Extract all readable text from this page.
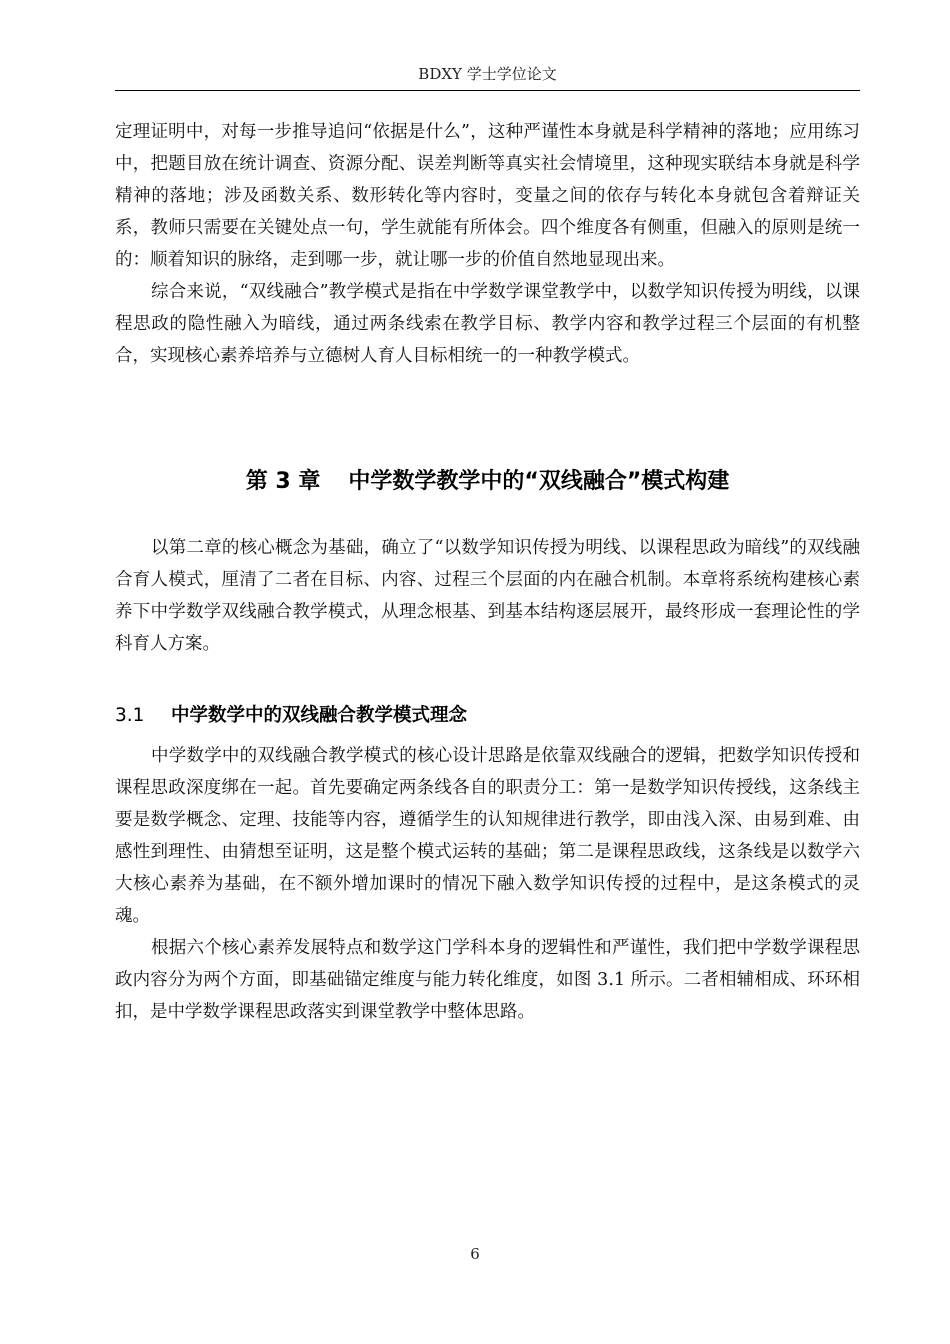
BDXY 学士学位论文

定理证明中，对每一步推导追问“依据是什么”，这种严谨性本身就是科学精神的落地；应用练习中，把题目放在统计调查、资源分配、误差判断等真实社会情境里，这种现实联结本身就是科学精神的落地；涉及函数关系、数形转化等内容时，变量之间的依存与转化本身就包含着辩证关系，教师只需要在关键处点一句，学生就能有所体会。四个维度各有侧重，但融入的原则是统一的：顺着知识的脉络，走到哪一步，就让哪一步的价值自然地显现出来。

综合来说，“双线融合”教学模式是指在中学数学课堂教学中，以数学知识传授为明线，以课程思政的隐性融入为暗线，通过两条线索在教学目标、教学内容和教学过程三个层面的有机整合，实现核心素养培养与立德树人育人目标相统一的一种教学模式。

第 3 章 中学数学教学中的“双线融合”模式构建

以第二章的核心概念为基础，确立了“以数学知识传授为明线、以课程思政为暗线”的双线融合育人模式，厘清了二者在目标、内容、过程三个层面的内在融合机制。本章将系统构建核心素养下中学数学双线融合教学模式，从理念根基、到基本结构逐层展开，最终形成一套理论性的学科育人方案。

3.1 中学数学中的双线融合教学模式理念

中学数学中的双线融合教学模式的核心设计思路是依靠双线融合的逻辑，把数学知识传授和课程思政深度绑在一起。首先要确定两条线各自的职责分工：第一是数学知识传授线，这条线主要是数学概念、定理、技能等内容，遵循学生的认知规律进行教学，即由浅入深、由易到难、由感性到理性、由猜想至证明，这是整个模式运转的基础；第二是课程思政线，这条线是以数学六大核心素养为基础，在不额外增加课时的情况下融入数学知识传授的过程中，是这条模式的灵魂。

根据六个核心素养发展特点和数学这门学科本身的逻辑性和严谨性，我们把中学数学课程思政内容分为两个方面，即基础锚定维度与能力转化维度，如图 3.1 所示。二者相辅相成、环环相扣，是中学数学课程思政落实到课堂教学中整体思路。

6
